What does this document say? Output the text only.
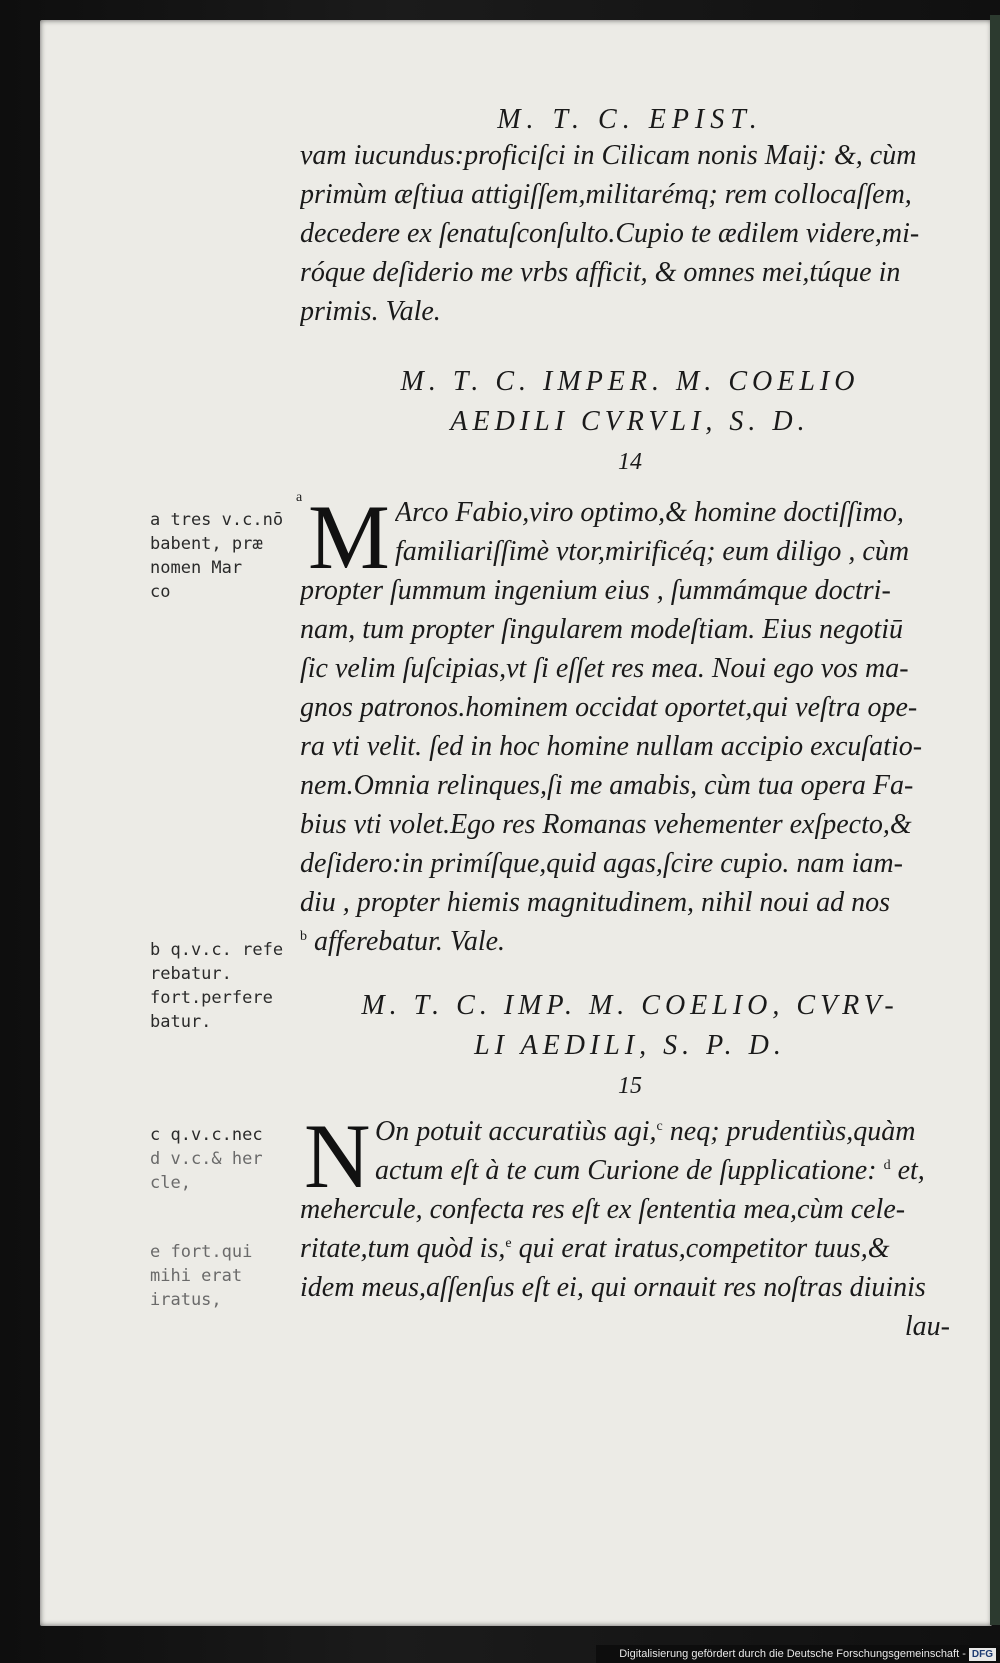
M. T. C. EPIST.
vam iucundus:proficiſci in Cilicam nonis Maij: &, cùm
primùm æſtiua attigiſſem,militarémq; rem collocaſſem,
decedere ex ſenatuſconſulto.Cupio te ædilem videre,mi-
róque deſiderio me vrbs afficit, & omnes mei,túque in
primis. Vale.
M. T. C. IMPER. M. COELIO
AEDILI CVRVLI, S. D.
14
a M Arco Fabio,viro optimo,& homine doctiſſimo,
familiariſſimè vtor,mirificéq; eum diligo , cùm
propter ſummum ingenium eius , ſummámque doctri-
nam, tum propter ſingularem modeſtiam. Eius negotiū
ſic velim ſuſcipias,vt ſi eſſet res mea. Noui ego vos ma-
gnos patronos.hominem occidat oportet,qui veſtra ope-
ra vti velit. ſed in hoc homine nullam accipio excuſatio-
nem.Omnia relinques,ſi me amabis, cùm tua opera Fa-
bius vti volet.Ego res Romanas vehementer exſpecto,&
deſidero:in primíſque,quid agas,ſcire cupio. nam iam-
diu , propter hiemis magnitudinem, nihil noui ad nos
$^b$ afferebatur. Vale.
M. T. C. IMP. M. COELIO, CVRV-
LI AEDILI, S. P. D.
15
N On potuit accuratiùs agi,$^c$ neq; prudentiùs,quàm
actum eſt à te cum Curione de ſupplicatione: $^d$ et,
mehercule, confecta res eſt ex ſententia mea,cùm cele-
ritate,tum quòd is,$^e$ qui erat iratus,competitor tuus,&
idem meus,aſſenſus eſt ei, qui ornauit res noſtras diuinis
lau-
a tres v.c.nō
babent, præ
nomen Mar
co
b q.v.c. refe
rebatur.
fort.perfere
batur.
c q.v.c.nec
d v.c.& her
cle,
e fort.qui
mihi erat
iratus,
Digitalisierung gefördert durch die Deutsche Forschungsgemeinschaft - DFG
